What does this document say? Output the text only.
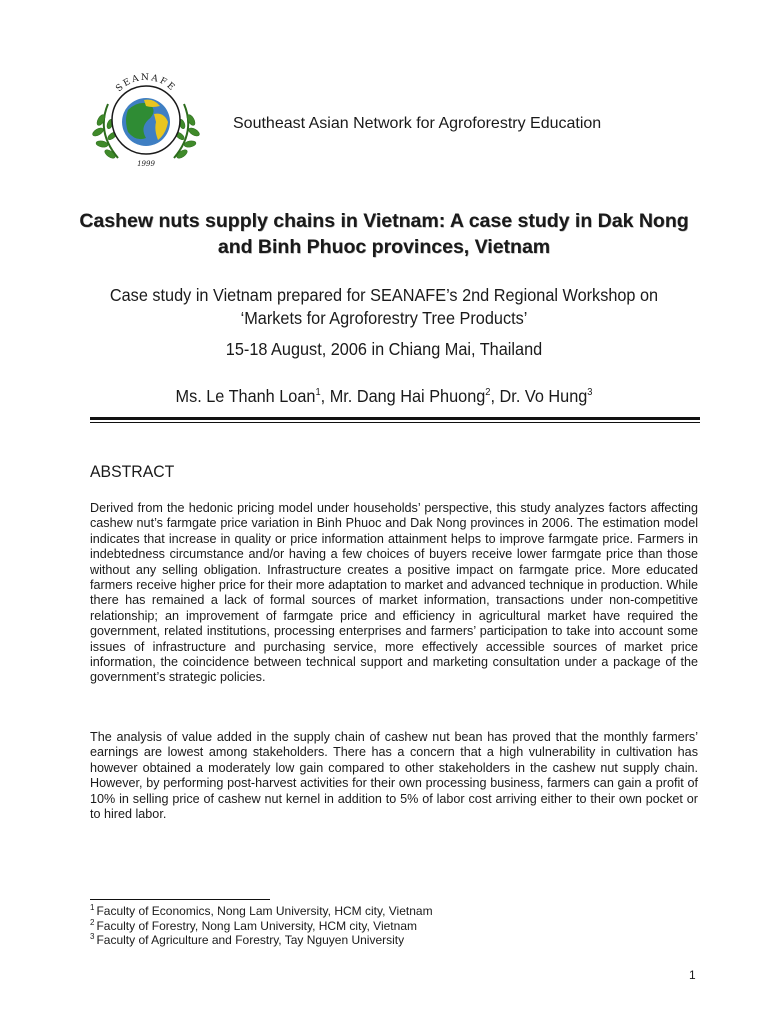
SEANAFE
1999
Southeast Asian Network for Agroforestry Education
Cashew nuts supply chains in Vietnam: A case study in Dak Nong and Binh Phuoc provinces, Vietnam
Case study in Vietnam prepared for SEANAFE’s 2nd Regional Workshop on
‘Markets for Agroforestry Tree Products’
15-18 August, 2006 in Chiang Mai, Thailand
Ms. Le Thanh Loan$^1$, Mr. Dang Hai Phuong$^2$, Dr. Vo Hung$^3$
ABSTRACT

Derived from the hedonic pricing model under households’ perspective, this study analyzes factors affecting cashew nut’s farmgate price variation in Binh Phuoc and Dak Nong provinces in 2006. The estimation model indicates that increase in quality or price information attainment helps to improve farmgate price. Farmers in indebtedness circumstance and/or having a few choices of buyers receive lower farmgate price than those without any selling obligation. Infrastructure creates a positive impact on farmgate price. More educated farmers receive higher price for their more adaptation to market and advanced technique in production. While there has remained a lack of formal sources of market information, transactions under non-competitive relationship; an improvement of farmgate price and efficiency in agricultural market have required the government, related institutions, processing enterprises and farmers’ participation to take into account some issues of infrastructure and purchasing service, more effectively accessible sources of market price information, the coincidence between technical support and marketing consultation under a package of the government’s strategic policies.

The analysis of value added in the supply chain of cashew nut bean has proved that the monthly farmers’ earnings are lowest among stakeholders. There has a concern that a high vulnerability in cultivation has however obtained a moderately low gain compared to other stakeholders in the cashew nut supply chain. However, by performing post-harvest activities for their own processing business, farmers can gain a profit of 10% in selling price of cashew nut kernel in addition to 5% of labor cost arriving either to their own pocket or to hired labor.

$^1$ Faculty of Economics, Nong Lam University, HCM city, Vietnam
$^2$ Faculty of Forestry, Nong Lam University, HCM city, Vietnam
$^3$ Faculty of Agriculture and Forestry, Tay Nguyen University
1
